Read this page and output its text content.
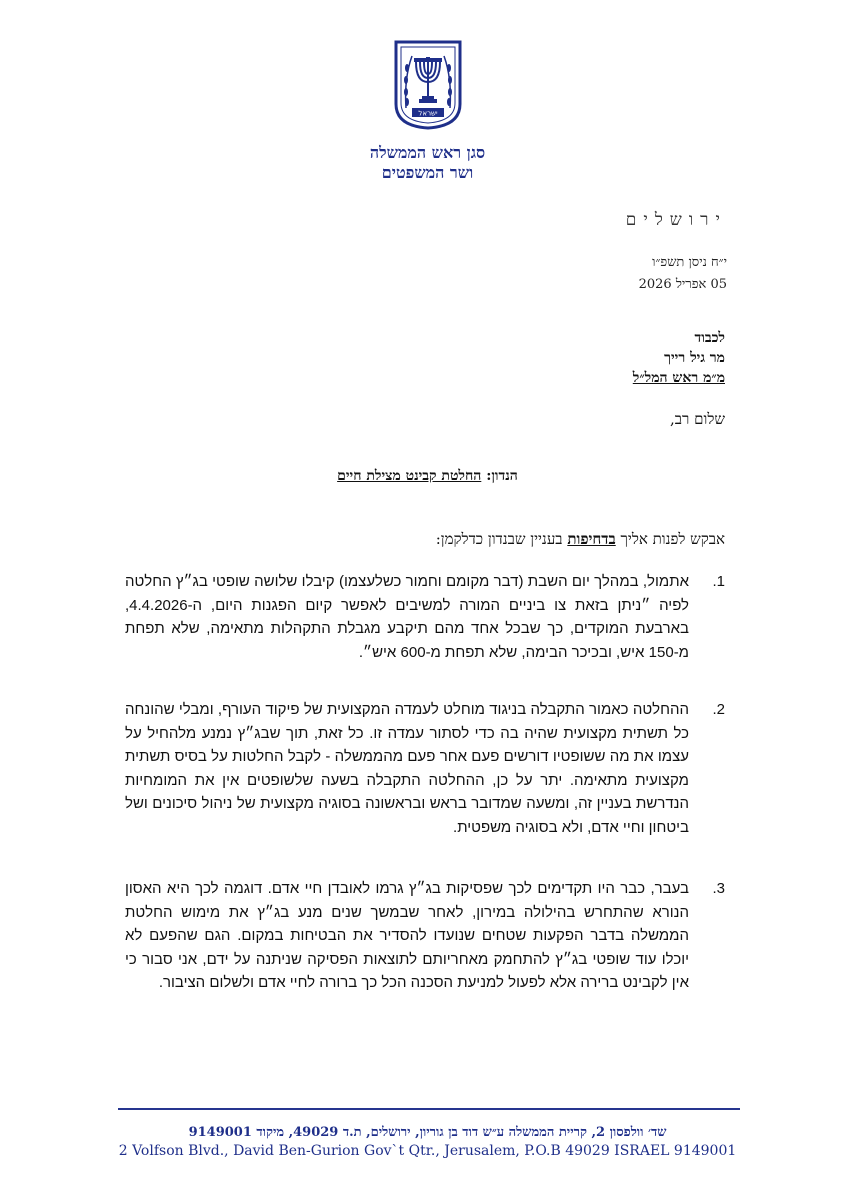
ישראל
סגן ראש הממשלה
ושר המשפטים
ירושלים
י״ח ניסן תשפ״ו
05 אפריל 2026
לכבוד
מר גיל רייך
מ״מ ראש המל״ל
שלום רב,
הנדון: החלטת קבינט מצילת חיים
אבקש לפנות אליך בדחיפות בעניין שבנדון כדלקמן:
1.
אתמול, במהלך יום השבת (דבר מקומם וחמור כשלעצמו) קיבלו שלושה שופטי בג״ץ החלטה לפיה ״ניתן בזאת צו ביניים המורה למשיבים לאפשר קיום הפגנות היום, ה-4.4.2026, בארבעת המוקדים, כך שבכל אחד מהם תיקבע מגבלת התקהלות מתאימה, שלא תפחת מ-150 איש, ובכיכר הבימה, שלא תפחת מ-600 איש״.
2.
ההחלטה כאמור התקבלה בניגוד מוחלט לעמדה המקצועית של פיקוד העורף, ומבלי שהונחה כל תשתית מקצועית שהיה בה כדי לסתור עמדה זו. כל זאת, תוך שבג״ץ נמנע מלהחיל על עצמו את מה ששופטיו דורשים פעם אחר פעם מהממשלה - לקבל החלטות על בסיס תשתית מקצועית מתאימה. יתר על כן, ההחלטה התקבלה בשעה שלשופטים אין את המומחיות הנדרשת בעניין זה, ומשעה שמדובר בראש ובראשונה בסוגיה מקצועית של ניהול סיכונים ושל ביטחון וחיי אדם, ולא בסוגיה משפטית.
3.
בעבר, כבר היו תקדימים לכך שפסיקות בג״ץ גרמו לאובדן חיי אדם. דוגמה לכך היא האסון הנורא שהתחרש בהילולה במירון, לאחר שבמשך שנים מנע בג״ץ את מימוש החלטת הממשלה בדבר הפקעות שטחים שנועדו להסדיר את הבטיחות במקום. הגם שהפעם לא יוכלו עוד שופטי בג״ץ להתחמק מאחריותם לתוצאות הפסיקה שניתנה על ידם, אני סבור כי אין לקבינט ברירה אלא לפעול למניעת הסכנה הכל כך ברורה לחיי אדם ולשלום הציבור.
שד׳ וולפסון 2, קריית הממשלה ע״ש דוד בן גוריון, ירושלים, ת.ד 49029, מיקוד 9149001
2 Volfson Blvd., David Ben-Gurion Gov`t Qtr., Jerusalem, P.O.B 49029 ISRAEL 9149001
